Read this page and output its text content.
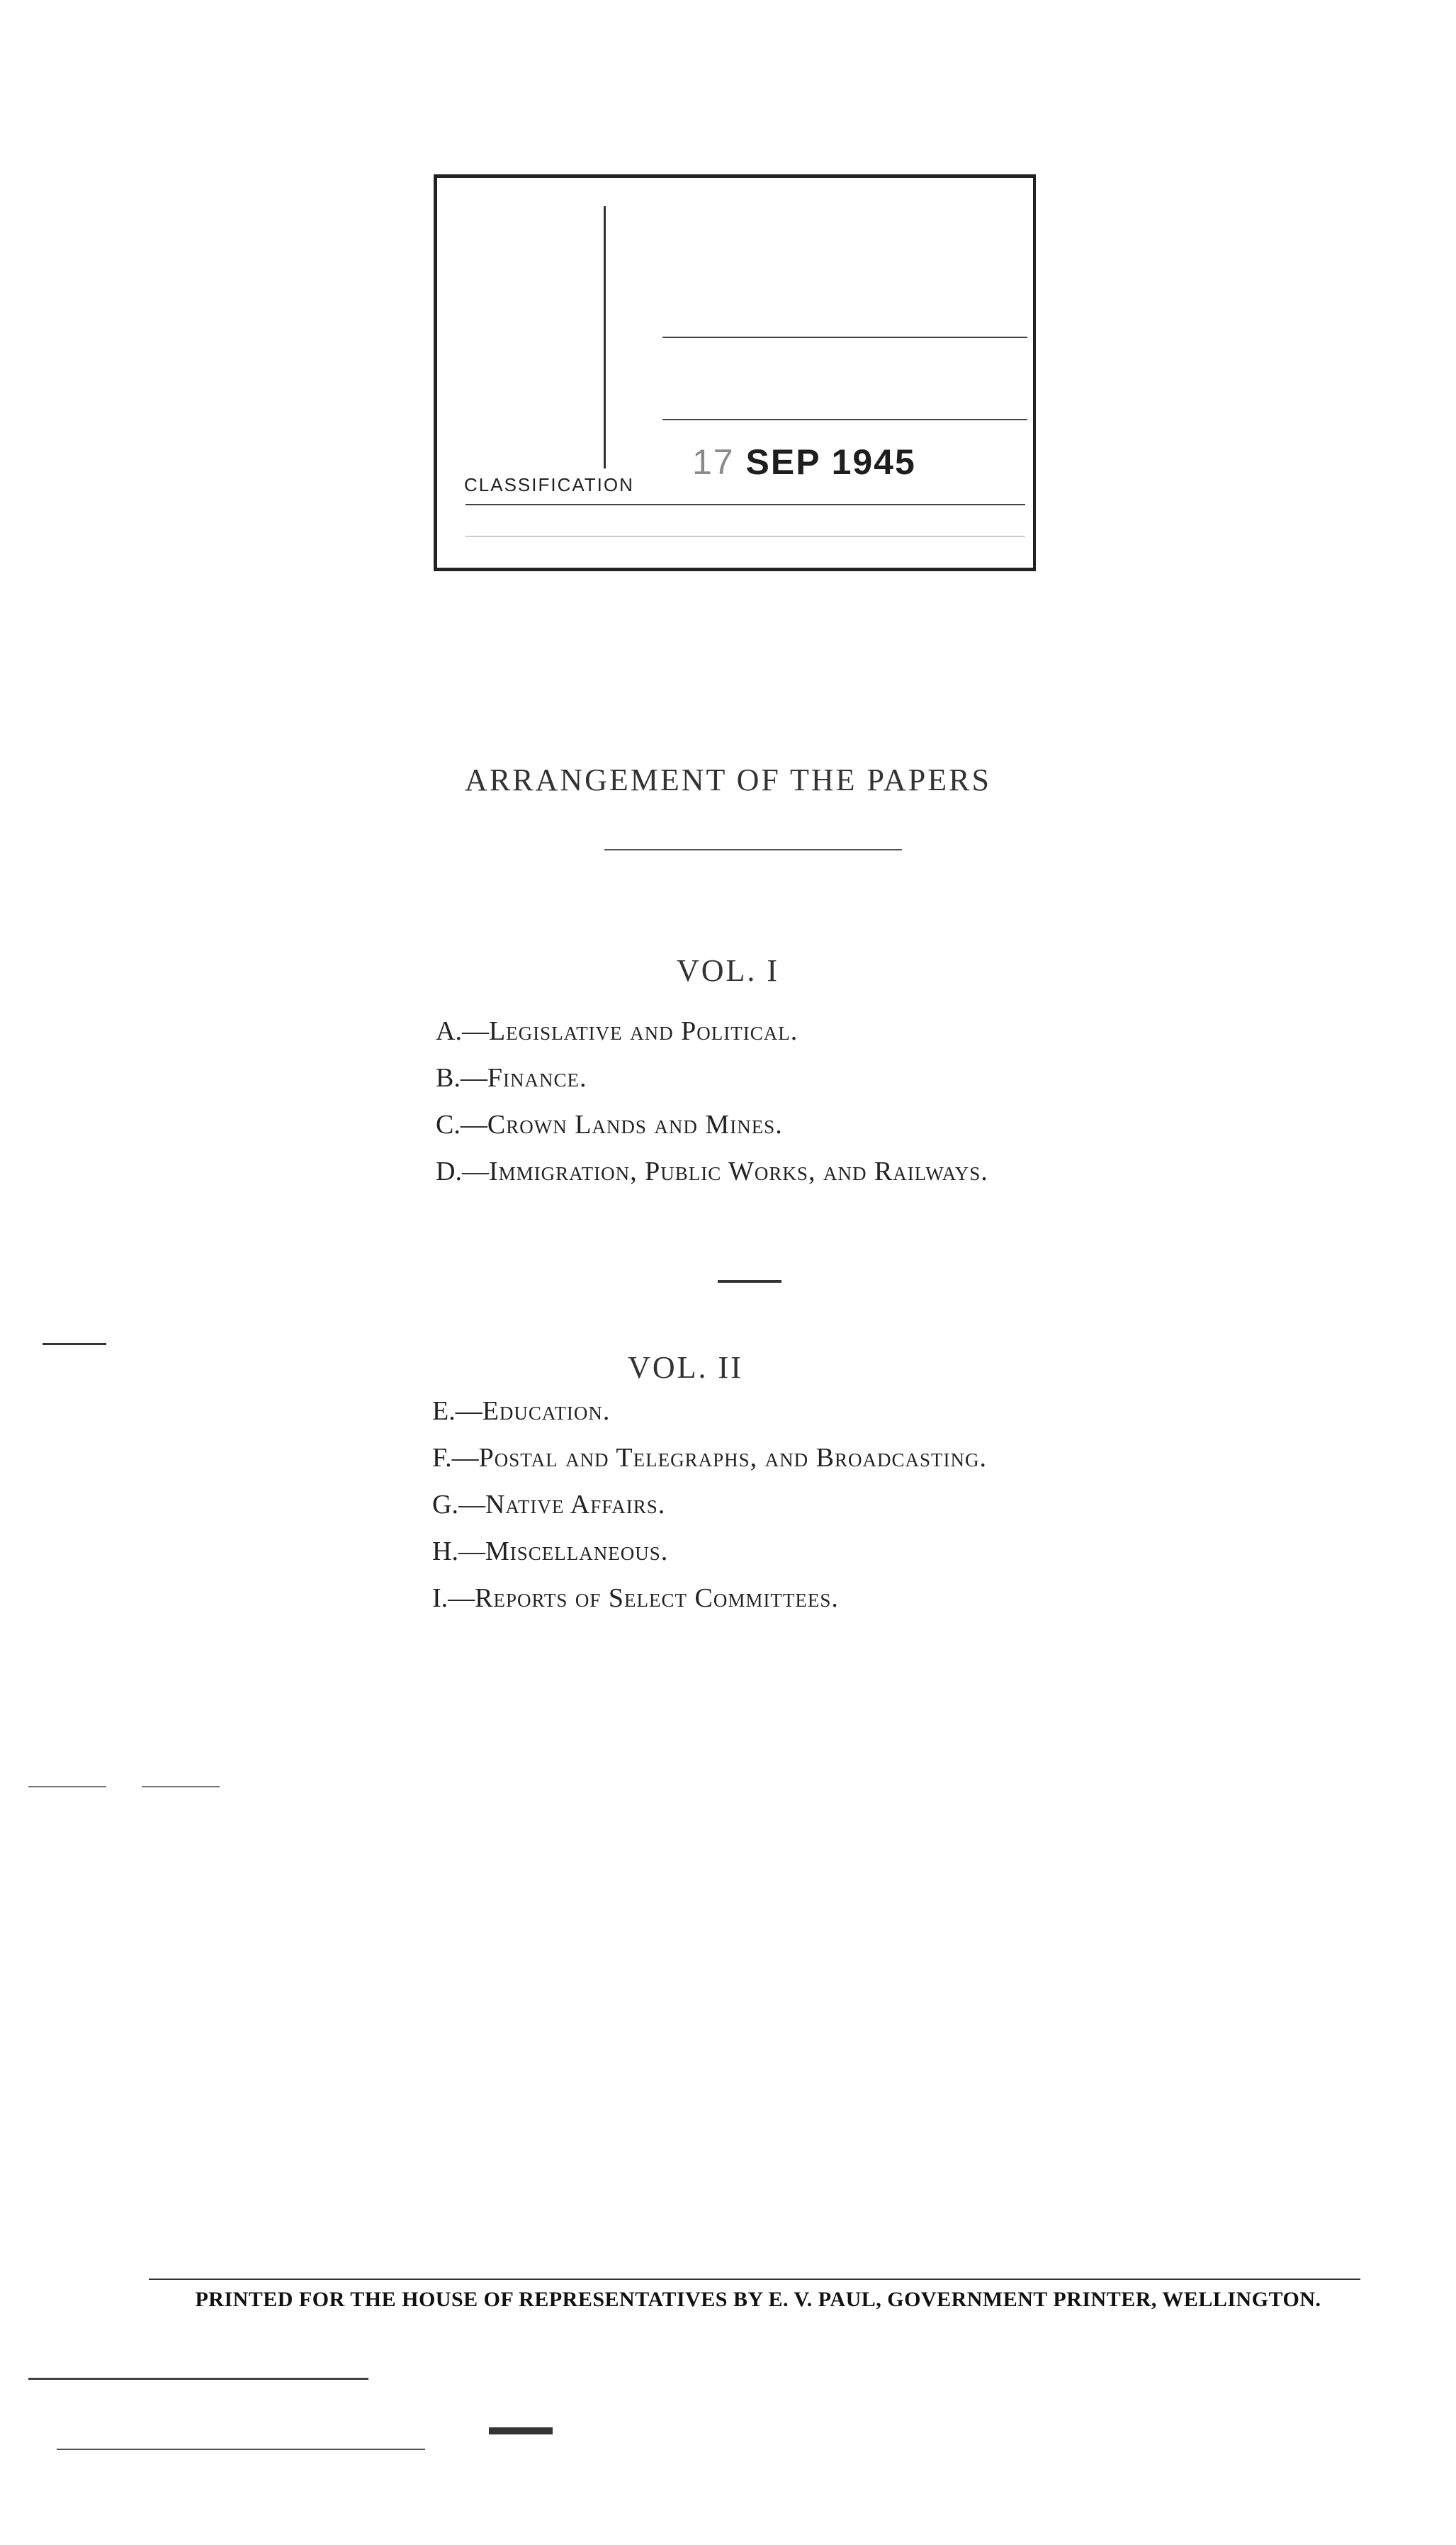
17 SEP 1945
CLASSIFICATION
ARRANGEMENT OF THE PAPERS
VOL. I
A.—Legislative and Political.
B.—Finance.
C.—Crown Lands and Mines.
D.—Immigration, Public Works, and Railways.
VOL. II
E.—Education.
F.—Postal and Telegraphs, and Broadcasting.
G.—Native Affairs.
H.—Miscellaneous.
I.—Reports of Select Committees.
PRINTED FOR THE HOUSE OF REPRESENTATIVES BY E. V. PAUL, GOVERNMENT PRINTER, WELLINGTON.
